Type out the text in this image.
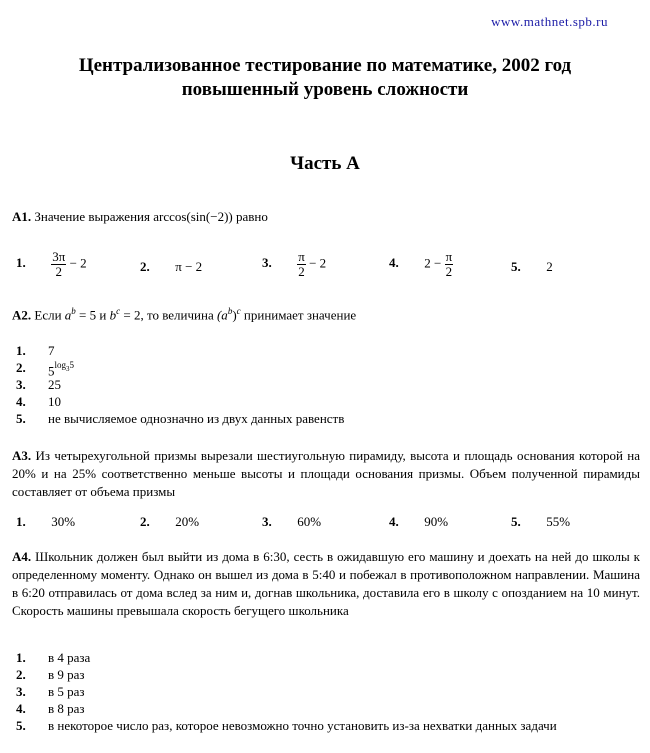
www.mathnet.spb.ru
Централизованное тестирование по математике, 2002 год
повышенный уровень сложности
Часть А
A1. Значение выражения arccos(sin(−2)) равно
1. $\frac{3\pi}{2} - 2$	2. π − 2	3. $\frac{\pi}{2} - 2$	4. $2 - \frac{\pi}{2}$	5. 2
A2. Если $a^b = 5$ и $b^c = 2$, то величина $(a^b)^c$ принимает значение
1.	7
2.	$5^{log_35}$
3.	25
4.	10
5.	не вычисляемое однозначно из двух данных равенств
A3. Из четырехугольной призмы вырезали шестиугольную пирамиду, высота и площадь основания которой на 20% и на 25% соответственно меньше высоты и площади основания призмы. Объем полученной пирамиды составляет от объема призмы
1. 30%	2. 20%	3. 60%	4. 90%	5. 55%
A4. Школьник должен был выйти из дома в 6:30, сесть в ожидавшую его машину и доехать на ней до школы к определенному моменту. Однако он вышел из дома в 5:40 и побежал в противоположном направлении. Машина в 6:20 отправилась от дома вслед за ним и, догнав школьника, доставила его в школу с опозданием на 10 минут. Скорость машины превышала скорость бегущего школьника
1.	в 4 раза
2.	в 9 раз
3.	в 5 раз
4.	в 8 раз
5.	в некоторое число раз, которое невозможно точно установить из-за нехватки данных задачи
